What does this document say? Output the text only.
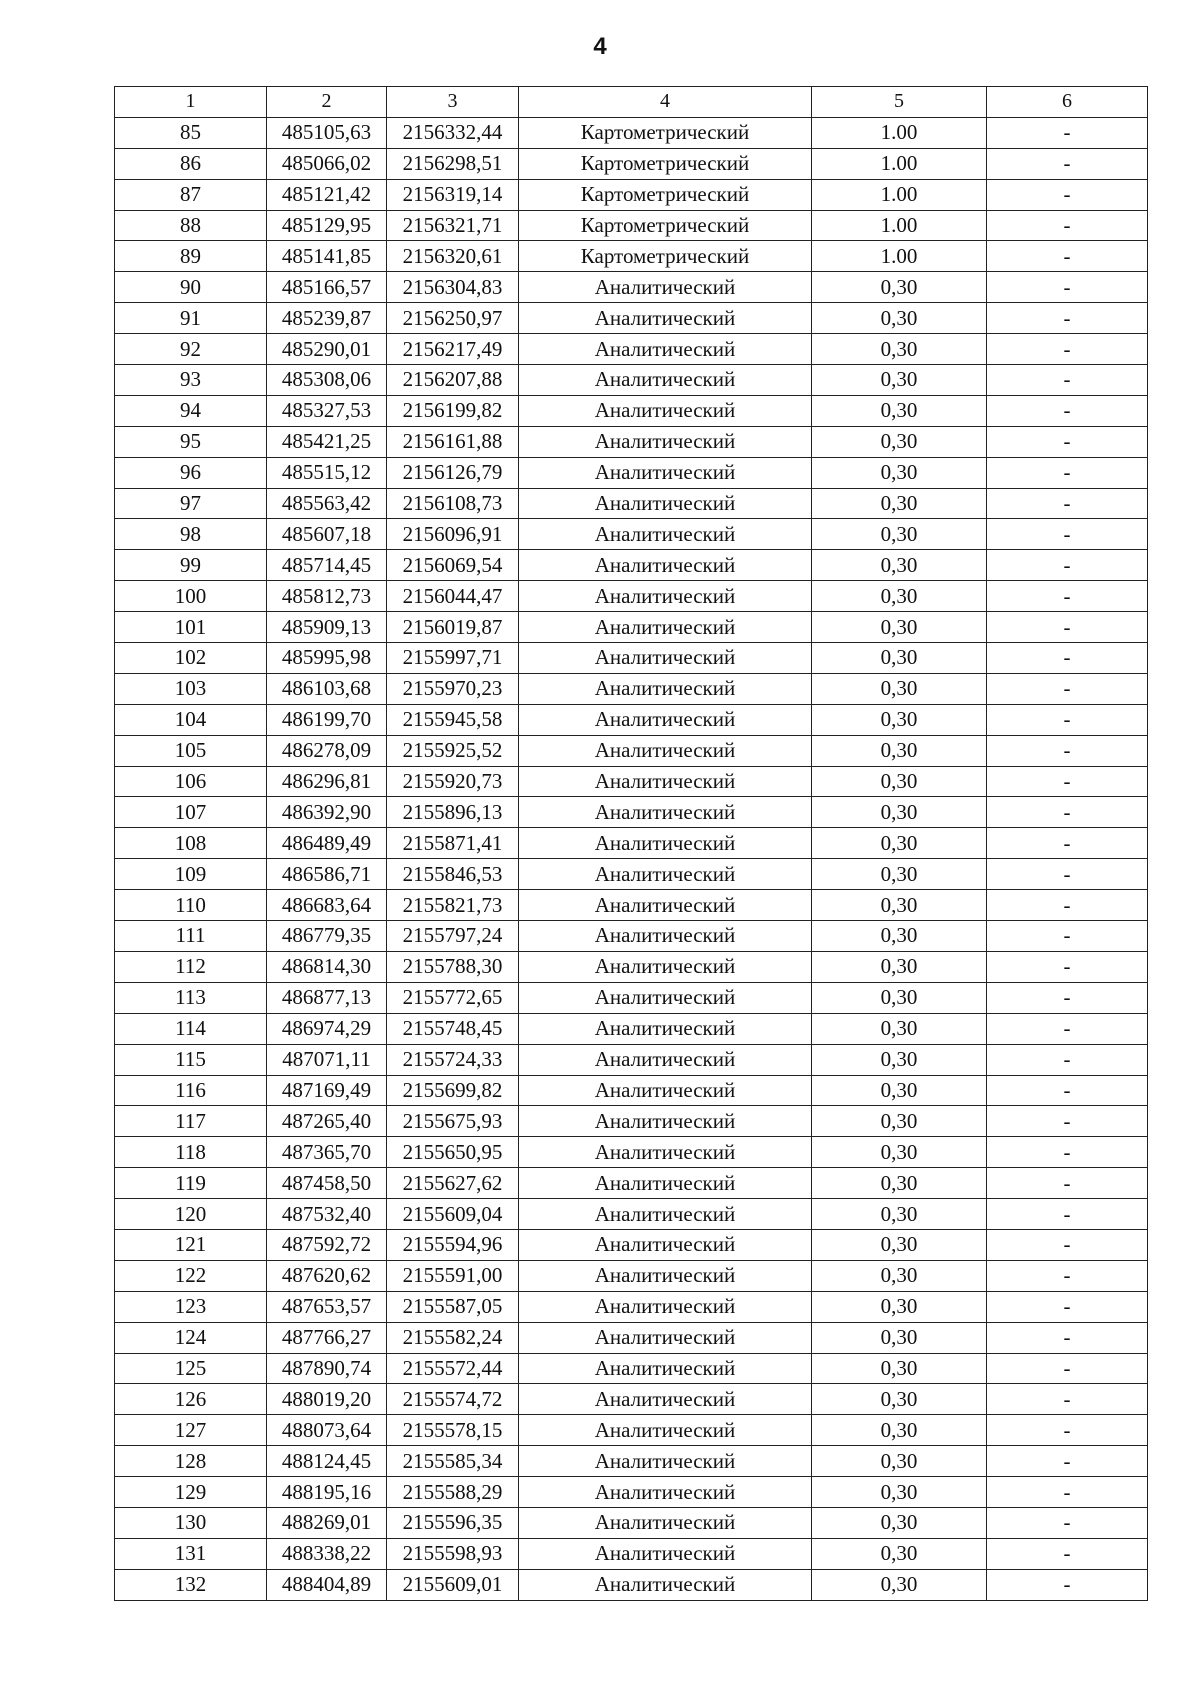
4
1	2	3	4	5	6
85	485105,63	2156332,44	Картометрический	1.00	-
86	485066,02	2156298,51	Картометрический	1.00	-
87	485121,42	2156319,14	Картометрический	1.00	-
88	485129,95	2156321,71	Картометрический	1.00	-
89	485141,85	2156320,61	Картометрический	1.00	-
90	485166,57	2156304,83	Аналитический	0,30	-
91	485239,87	2156250,97	Аналитический	0,30	-
92	485290,01	2156217,49	Аналитический	0,30	-
93	485308,06	2156207,88	Аналитический	0,30	-
94	485327,53	2156199,82	Аналитический	0,30	-
95	485421,25	2156161,88	Аналитический	0,30	-
96	485515,12	2156126,79	Аналитический	0,30	-
97	485563,42	2156108,73	Аналитический	0,30	-
98	485607,18	2156096,91	Аналитический	0,30	-
99	485714,45	2156069,54	Аналитический	0,30	-
100	485812,73	2156044,47	Аналитический	0,30	-
101	485909,13	2156019,87	Аналитический	0,30	-
102	485995,98	2155997,71	Аналитический	0,30	-
103	486103,68	2155970,23	Аналитический	0,30	-
104	486199,70	2155945,58	Аналитический	0,30	-
105	486278,09	2155925,52	Аналитический	0,30	-
106	486296,81	2155920,73	Аналитический	0,30	-
107	486392,90	2155896,13	Аналитический	0,30	-
108	486489,49	2155871,41	Аналитический	0,30	-
109	486586,71	2155846,53	Аналитический	0,30	-
110	486683,64	2155821,73	Аналитический	0,30	-
111	486779,35	2155797,24	Аналитический	0,30	-
112	486814,30	2155788,30	Аналитический	0,30	-
113	486877,13	2155772,65	Аналитический	0,30	-
114	486974,29	2155748,45	Аналитический	0,30	-
115	487071,11	2155724,33	Аналитический	0,30	-
116	487169,49	2155699,82	Аналитический	0,30	-
117	487265,40	2155675,93	Аналитический	0,30	-
118	487365,70	2155650,95	Аналитический	0,30	-
119	487458,50	2155627,62	Аналитический	0,30	-
120	487532,40	2155609,04	Аналитический	0,30	-
121	487592,72	2155594,96	Аналитический	0,30	-
122	487620,62	2155591,00	Аналитический	0,30	-
123	487653,57	2155587,05	Аналитический	0,30	-
124	487766,27	2155582,24	Аналитический	0,30	-
125	487890,74	2155572,44	Аналитический	0,30	-
126	488019,20	2155574,72	Аналитический	0,30	-
127	488073,64	2155578,15	Аналитический	0,30	-
128	488124,45	2155585,34	Аналитический	0,30	-
129	488195,16	2155588,29	Аналитический	0,30	-
130	488269,01	2155596,35	Аналитический	0,30	-
131	488338,22	2155598,93	Аналитический	0,30	-
132	488404,89	2155609,01	Аналитический	0,30	-
